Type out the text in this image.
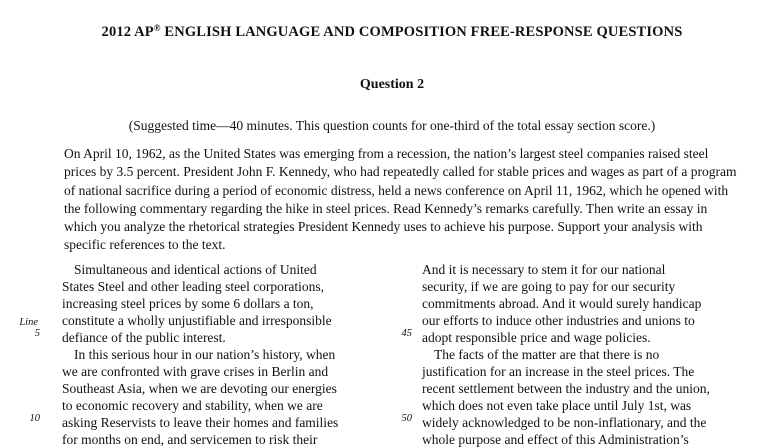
2012 AP® ENGLISH LANGUAGE AND COMPOSITION FREE-RESPONSE QUESTIONS
Question 2
(Suggested time—40 minutes. This question counts for one-third of the total essay section score.)

On April 10, 1962, as the United States was emerging from a recession, the nation’s largest steel companies raised steel prices by 3.5 percent. President John F. Kennedy, who had repeatedly called for stable prices and wages as part of a program of national sacrifice during a period of economic distress, held a news conference on April 11, 1962, which he opened with the following commentary regarding the hike in steel prices. Read Kennedy’s remarks carefully. Then write an essay in which you analyze the rhetorical strategies President Kennedy uses to achieve his purpose. Support your analysis with specific references to the text.

Simultaneous and identical actions of United
States Steel and other leading steel corporations,
increasing steel prices by some 6 dollars a ton,
constitute a wholly unjustifiable and irresponsible
defiance of the public interest.
In this serious hour in our nation’s history, when
we are confronted with grave crises in Berlin and
Southeast Asia, when we are devoting our energies
to economic recovery and stability, when we are
asking Reservists to leave their homes and families
for months on end, and servicemen to risk their
Line
5
10
And it is necessary to stem it for our national
security, if we are going to pay for our security
commitments abroad. And it would surely handicap
our efforts to induce other industries and unions to
adopt responsible price and wage policies.
The facts of the matter are that there is no
justification for an increase in the steel prices. The
recent settlement between the industry and the union,
which does not even take place until July 1st, was
widely acknowledged to be non-inflationary, and the
whole purpose and effect of this Administration’s
45
50
